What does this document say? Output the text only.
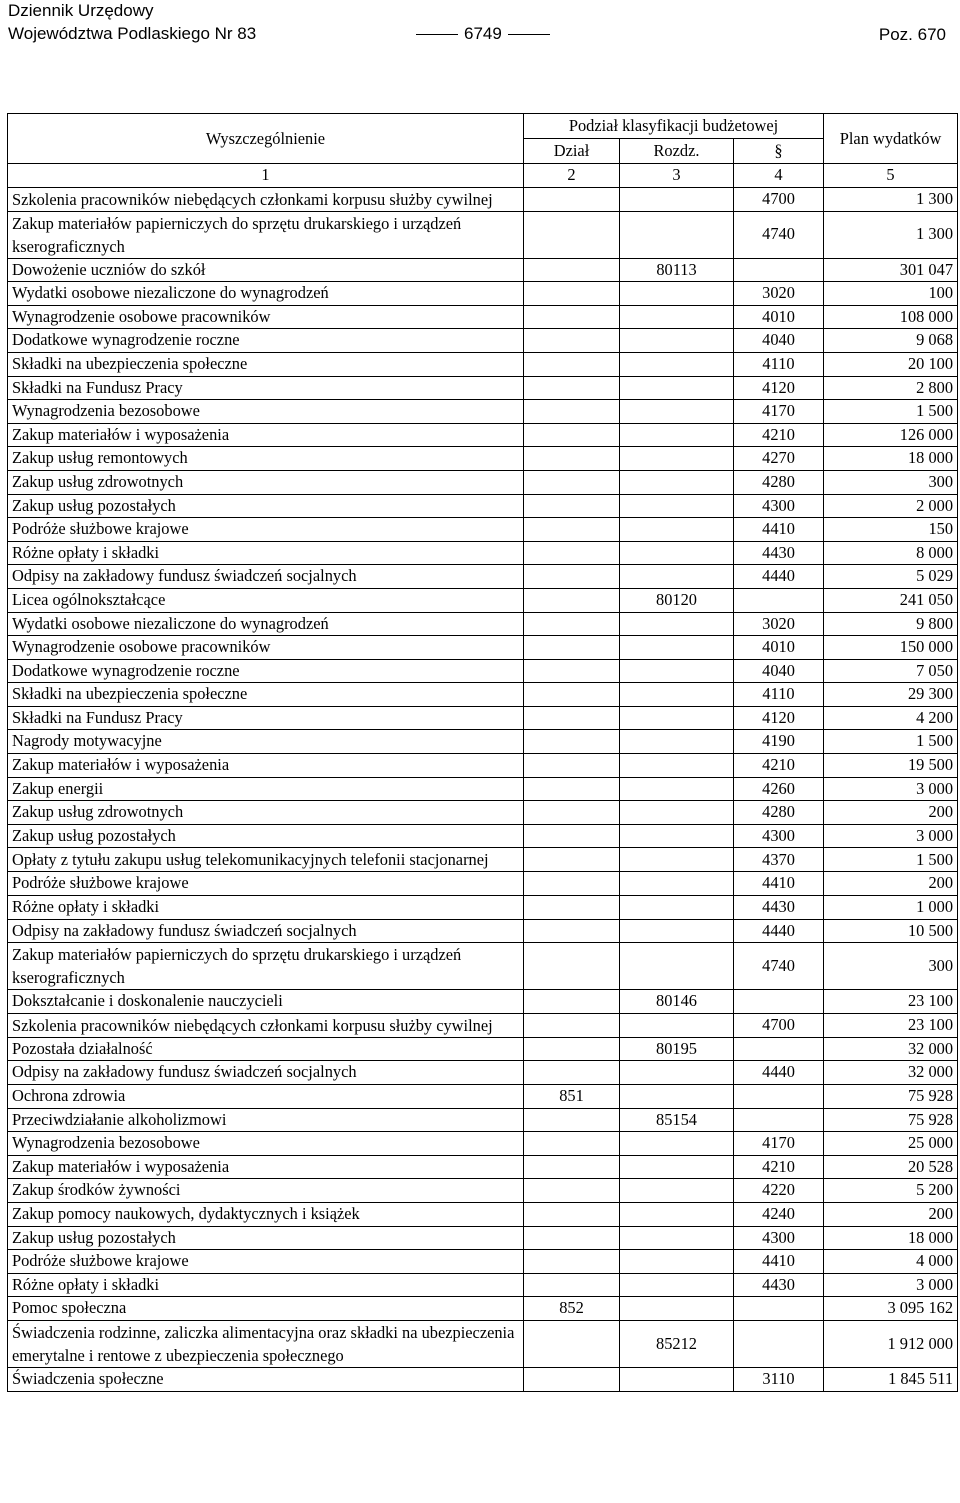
Dziennik Urzędowy
Województwa Podlaskiego Nr 83	6749	Poz. 670
Wyszczególnienie	Podział klasyfikacji budżetowej			Plan wydatków
	Dział	Rozdz.	§	
1	2	3	4	5
Szkolenia pracowników niebędących członkami korpusu służby cywilnej			4700	1 300
Zakup materiałów papierniczych do sprzętu drukarskiego i urządzeń kserograficznych			4740	1 300
Dowożenie uczniów do szkół		80113		301 047
Wydatki osobowe niezaliczone do wynagrodzeń			3020	100
Wynagrodzenie osobowe pracowników			4010	108 000
Dodatkowe wynagrodzenie roczne			4040	9 068
Składki na ubezpieczenia społeczne			4110	20 100
Składki na Fundusz Pracy			4120	2 800
Wynagrodzenia bezosobowe			4170	1 500
Zakup materiałów i wyposażenia			4210	126 000
Zakup usług remontowych			4270	18 000
Zakup usług zdrowotnych			4280	300
Zakup usług pozostałych			4300	2 000
Podróże służbowe krajowe			4410	150
Różne opłaty i składki			4430	8 000
Odpisy na zakładowy fundusz świadczeń socjalnych			4440	5 029
Licea ogólnokształcące		80120		241 050
Wydatki osobowe niezaliczone do wynagrodzeń			3020	9 800
Wynagrodzenie osobowe pracowników			4010	150 000
Dodatkowe wynagrodzenie roczne			4040	7 050
Składki na ubezpieczenia społeczne			4110	29 300
Składki na Fundusz Pracy			4120	4 200
Nagrody motywacyjne			4190	1 500
Zakup materiałów i wyposażenia			4210	19 500
Zakup energii			4260	3 000
Zakup usług zdrowotnych			4280	200
Zakup usług pozostałych			4300	3 000
Opłaty z tytułu zakupu usług telekomunikacyjnych telefonii stacjonarnej			4370	1 500
Podróże służbowe krajowe			4410	200
Różne opłaty i składki			4430	1 000
Odpisy na zakładowy fundusz świadczeń socjalnych			4440	10 500
Zakup materiałów papierniczych do sprzętu drukarskiego i urządzeń kserograficznych			4740	300
Dokształcanie i doskonalenie nauczycieli		80146		23 100
Szkolenia pracowników niebędących członkami korpusu służby cywilnej			4700	23 100
Pozostała działalność		80195		32 000
Odpisy na zakładowy fundusz świadczeń socjalnych			4440	32 000
Ochrona zdrowia	851			75 928
Przeciwdziałanie alkoholizmowi		85154		75 928
Wynagrodzenia bezosobowe			4170	25 000
Zakup materiałów i wyposażenia			4210	20 528
Zakup środków żywności			4220	5 200
Zakup pomocy naukowych, dydaktycznych i książek			4240	200
Zakup usług pozostałych			4300	18 000
Podróże służbowe krajowe			4410	4 000
Różne opłaty i składki			4430	3 000
Pomoc społeczna	852			3 095 162
Świadczenia rodzinne, zaliczka alimentacyjna oraz składki na ubezpieczenia emerytalne i rentowe z ubezpieczenia społecznego		85212		1 912 000
Świadczenia społeczne			3110	1 845 511
